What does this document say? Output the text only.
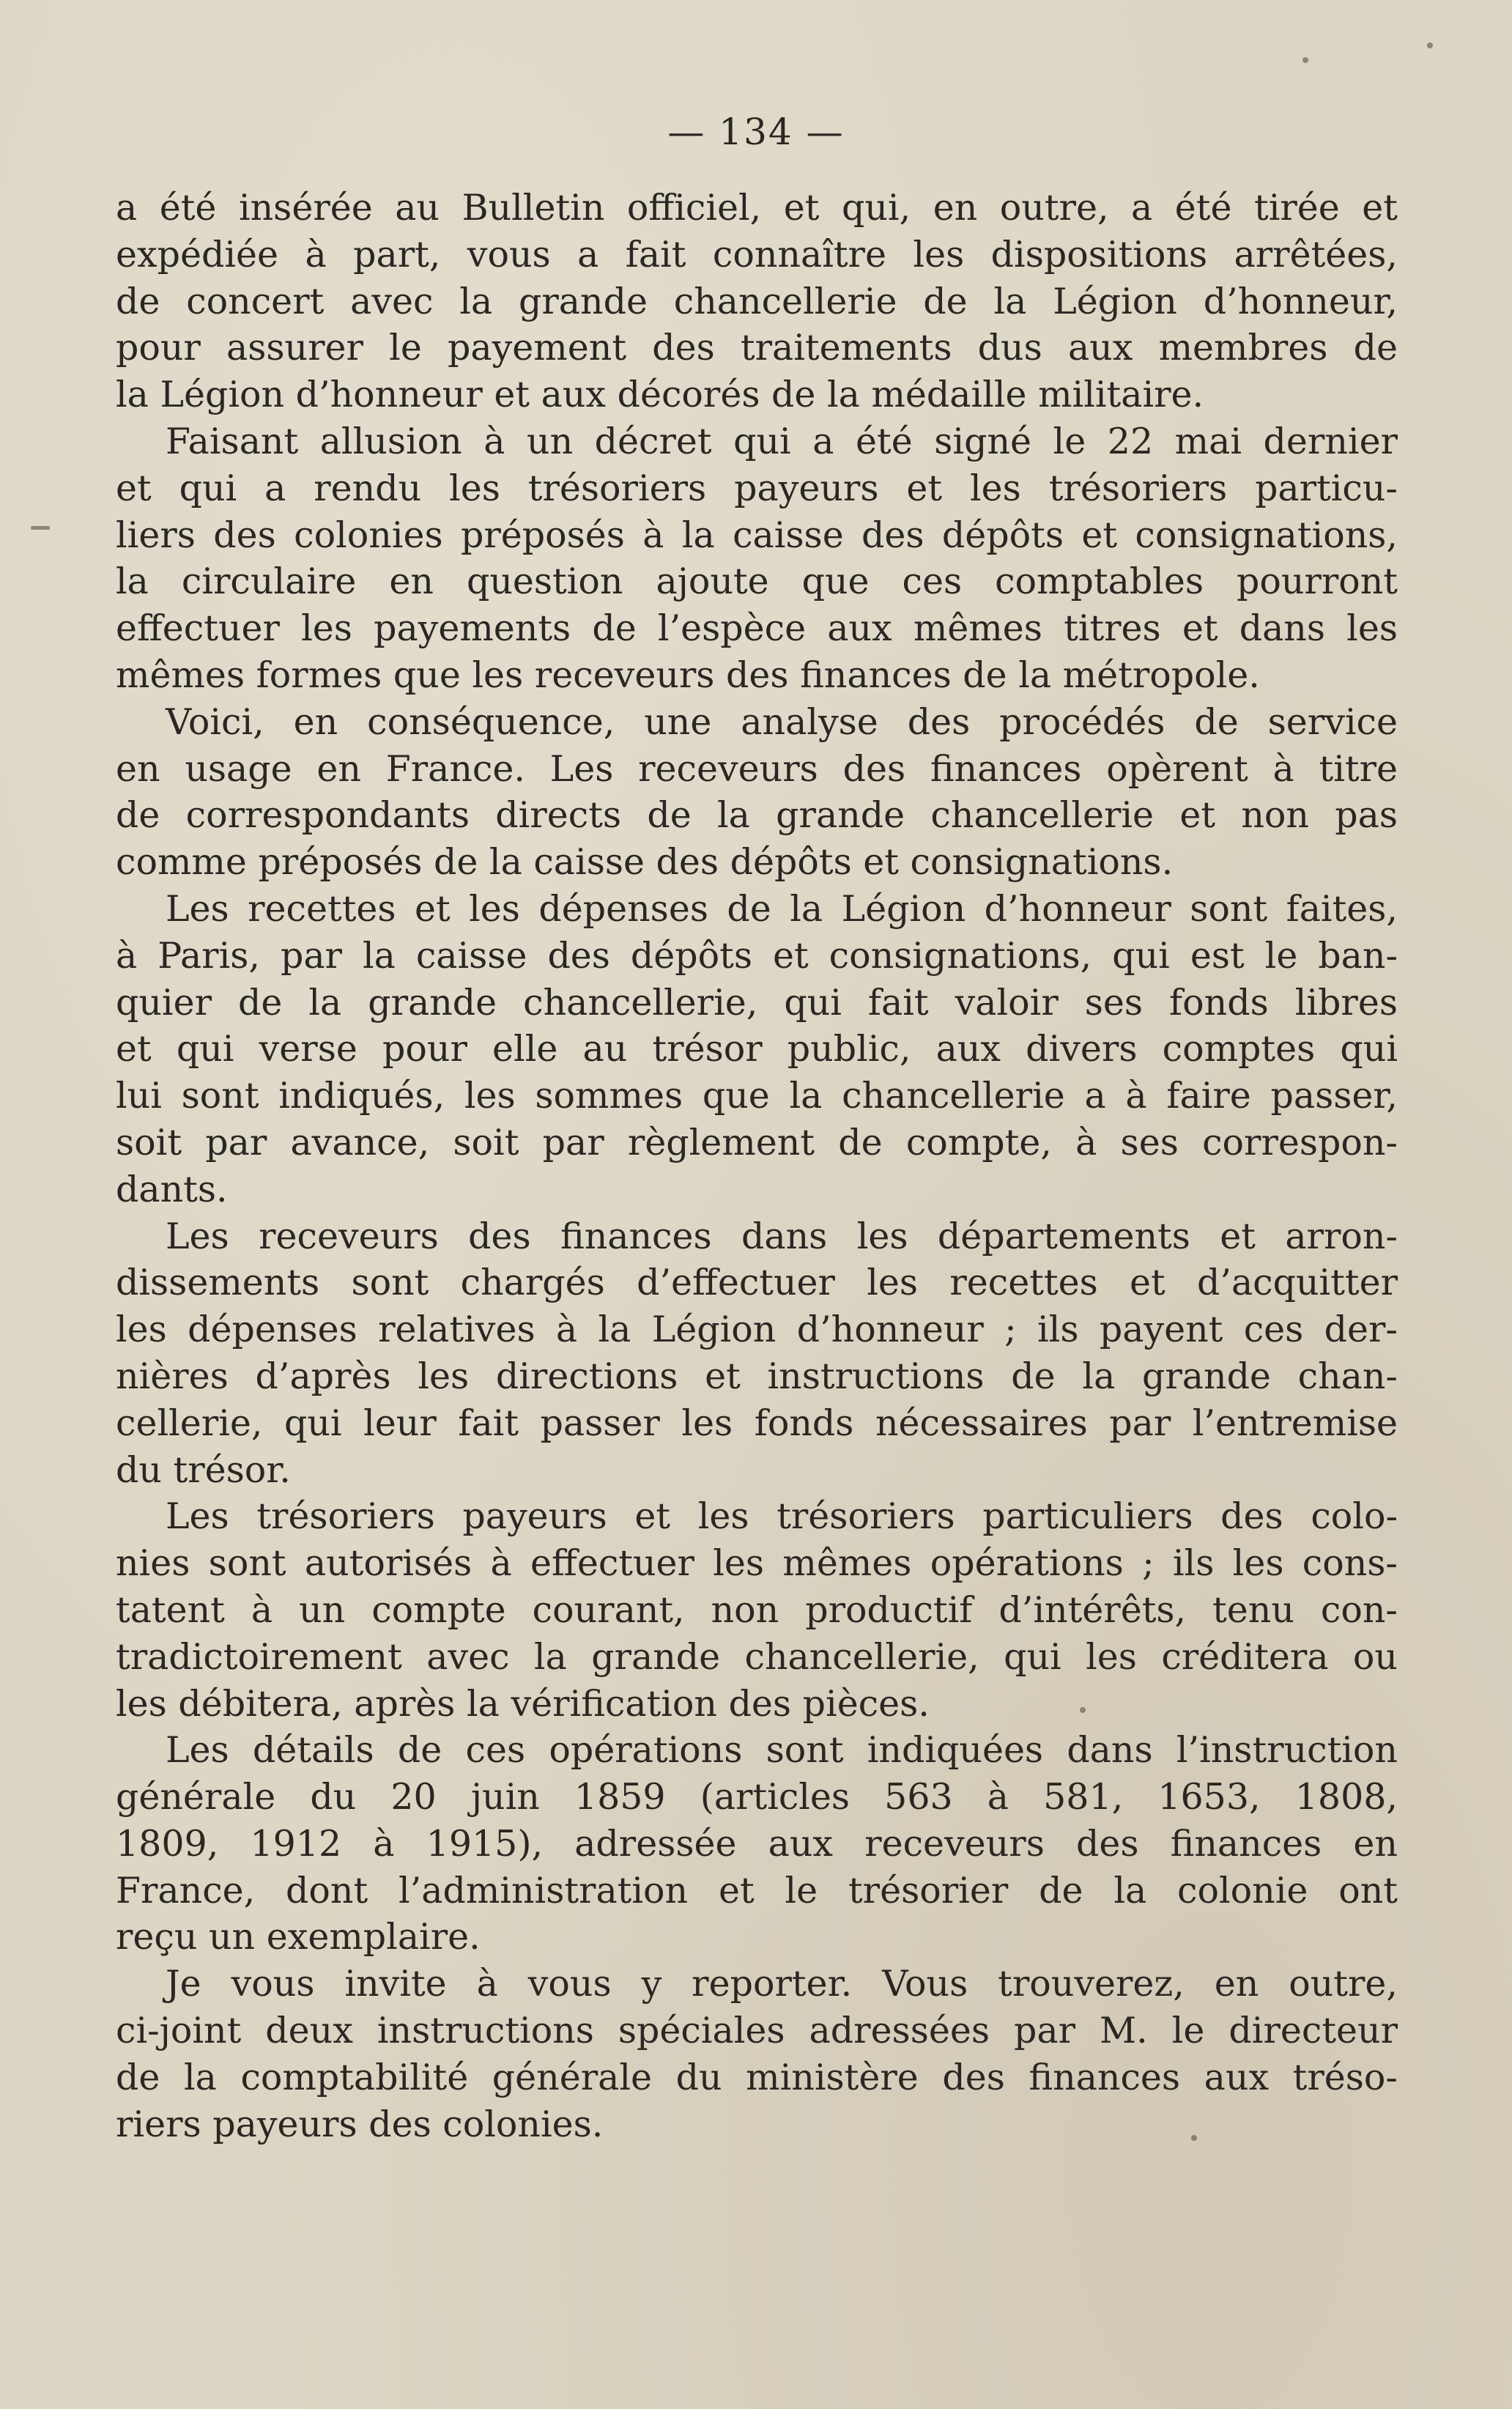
— 134 —
a été insérée au Bulletin officiel, et qui, en outre, a été tirée et
expédiée à part, vous a fait connaître les dispositions arrêtées,
de concert avec la grande chancellerie de la Légion d’honneur,
pour assurer le payement des traitements dus aux membres de
la Légion d’honneur et aux décorés de la médaille militaire.
Faisant allusion à un décret qui a été signé le 22 mai dernier
et qui a rendu les trésoriers payeurs et les trésoriers particu-
liers des colonies préposés à la caisse des dépôts et consignations,
la circulaire en question ajoute que ces comptables pourront
effectuer les payements de l’espèce aux mêmes titres et dans les
mêmes formes que les receveurs des finances de la métropole.
Voici, en conséquence, une analyse des procédés de service
en usage en France. Les receveurs des finances opèrent à titre
de correspondants directs de la grande chancellerie et non pas
comme préposés de la caisse des dépôts et consignations.
Les recettes et les dépenses de la Légion d’honneur sont faites,
à Paris, par la caisse des dépôts et consignations, qui est le ban-
quier de la grande chancellerie, qui fait valoir ses fonds libres
et qui verse pour elle au trésor public, aux divers comptes qui
lui sont indiqués, les sommes que la chancellerie a à faire passer,
soit par avance, soit par règlement de compte, à ses correspon-
dants.
Les receveurs des finances dans les départements et arron-
dissements sont chargés d’effectuer les recettes et d’acquitter
les dépenses relatives à la Légion d’honneur ; ils payent ces der-
nières d’après les directions et instructions de la grande chan-
cellerie, qui leur fait passer les fonds nécessaires par l’entremise
du trésor.
Les trésoriers payeurs et les trésoriers particuliers des colo-
nies sont autorisés à effectuer les mêmes opérations ; ils les cons-
tatent à un compte courant, non productif d’intérêts, tenu con-
tradictoirement avec la grande chancellerie, qui les créditera ou
les débitera, après la vérification des pièces.
Les détails de ces opérations sont indiquées dans l’instruction
générale du 20 juin 1859 (articles 563 à 581, 1653, 1808,
1809, 1912 à 1915), adressée aux receveurs des finances en
France, dont l’administration et le trésorier de la colonie ont
reçu un exemplaire.
Je vous invite à vous y reporter. Vous trouverez, en outre,
ci-joint deux instructions spéciales adressées par M. le directeur
de la comptabilité générale du ministère des finances aux tréso-
riers payeurs des colonies.
